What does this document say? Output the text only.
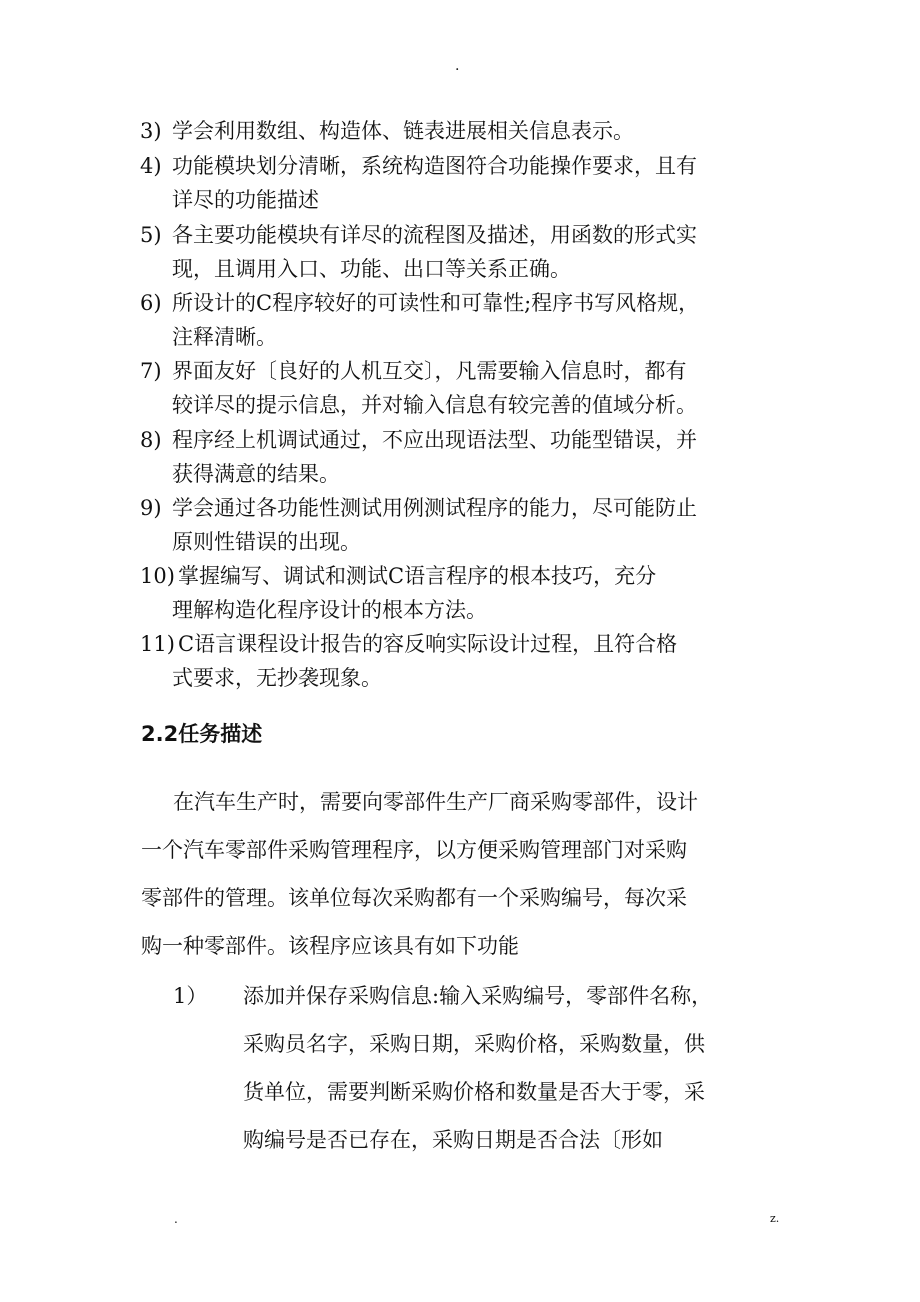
.
3) 学会利用数组、构造体、链表进展相关信息表示。
4) 功能模块划分清晰，系统构造图符合功能操作要求，且有
详尽的功能描述
5) 各主要功能模块有详尽的流程图及描述，用函数的形式实
现，且调用入口、功能、出口等关系正确。
6) 所设计的C程序较好的可读性和可靠性;程序书写风格规，
注释清晰。
7) 界面友好〔良好的人机互交〕，凡需要输入信息时，都有
较详尽的提示信息，并对输入信息有较完善的值域分析。
8) 程序经上机调试通过，不应出现语法型、功能型错误，并
获得满意的结果。
9) 学会通过各功能性测试用例测试程序的能力，尽可能防止
原则性错误的出现。
10) 掌握编写、调试和测试C语言程序的根本技巧，充分
理解构造化程序设计的根本方法。
11) C语言课程设计报告的容反响实际设计过程，且符合格
式要求，无抄袭现象。
2.2任务描述
在汽车生产时，需要向零部件生产厂商采购零部件，设计
一个汽车零部件采购管理程序，以方便采购管理部门对采购
零部件的管理。该单位每次采购都有一个采购编号，每次采
购一种零部件。该程序应该具有如下功能
1） 添加并保存采购信息:输入采购编号，零部件名称，
采购员名字，采购日期，采购价格，采购数量，供
货单位，需要判断采购价格和数量是否大于零，采
购编号是否已存在，采购日期是否合法〔形如
.	z.
